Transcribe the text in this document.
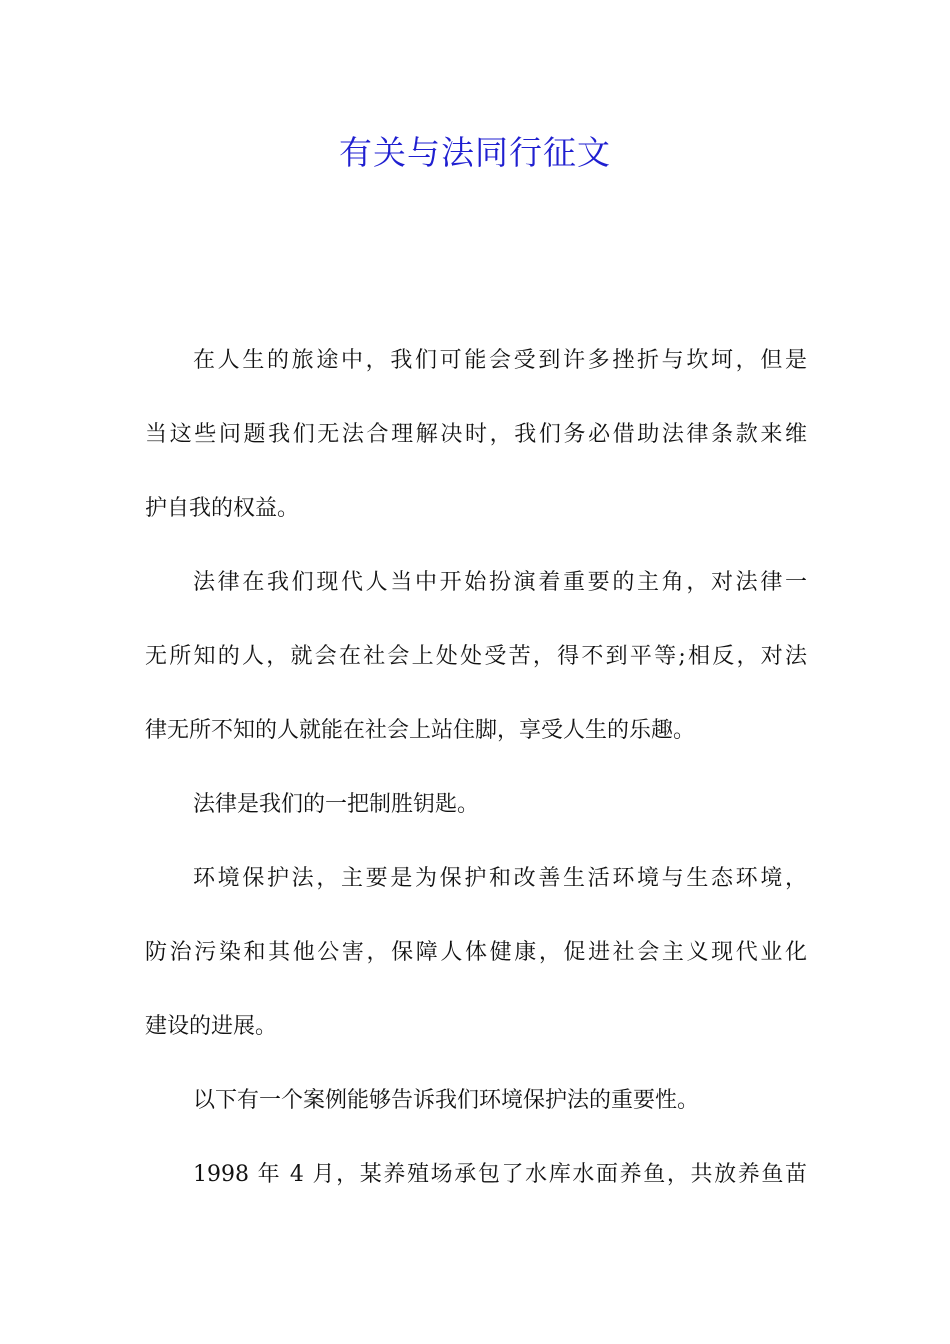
有关与法同行征文
在人生的旅途中，我们可能会受到许多挫折与坎坷，但是
当这些问题我们无法合理解决时，我们务必借助法律条款来维
护自我的权益。
法律在我们现代人当中开始扮演着重要的主角，对法律一
无所知的人，就会在社会上处处受苦，得不到平等;相反，对法
律无所不知的人就能在社会上站住脚，享受人生的乐趣。
法律是我们的一把制胜钥匙。
环境保护法，主要是为保护和改善生活环境与生态环境，
防治污染和其他公害，保障人体健康，促进社会主义现代业化
建设的进展。
以下有一个案例能够告诉我们环境保护法的重要性。
1998 年 4 月，某养殖场承包了水库水面养鱼，共放养鱼苗
